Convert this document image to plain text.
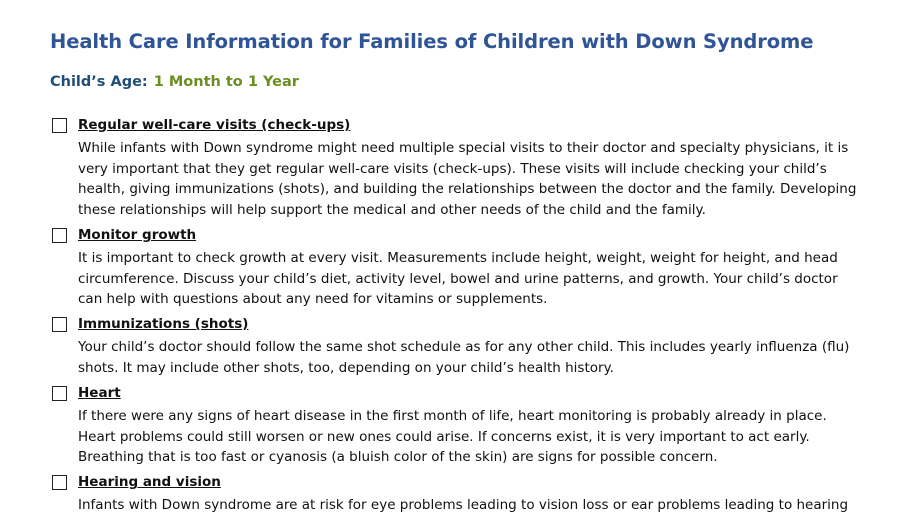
Health Care Information for Families of Children with Down Syndrome

Child’s Age: 1 Month to 1 Year

Regular well-care visits (check-ups)
While infants with Down syndrome might need multiple special visits to their doctor and specialty physicians, it is
very important that they get regular well-care visits (check-ups). These visits will include checking your child’s
health, giving immunizations (shots), and building the relationships between the doctor and the family. Developing
these relationships will help support the medical and other needs of the child and the family.
Monitor growth
It is important to check growth at every visit. Measurements include height, weight, weight for height, and head
circumference. Discuss your child’s diet, activity level, bowel and urine patterns, and growth. Your child’s doctor
can help with questions about any need for vitamins or supplements.
Immunizations (shots)
Your child’s doctor should follow the same shot schedule as for any other child. This includes yearly influenza (flu)
shots. It may include other shots, too, depending on your child’s health history.
Heart
If there were any signs of heart disease in the first month of life, heart monitoring is probably already in place.
Heart problems could still worsen or new ones could arise. If concerns exist, it is very important to act early.
Breathing that is too fast or cyanosis (a bluish color of the skin) are signs for possible concern.
Hearing and vision
Infants with Down syndrome are at risk for eye problems leading to vision loss or ear problems leading to hearing
